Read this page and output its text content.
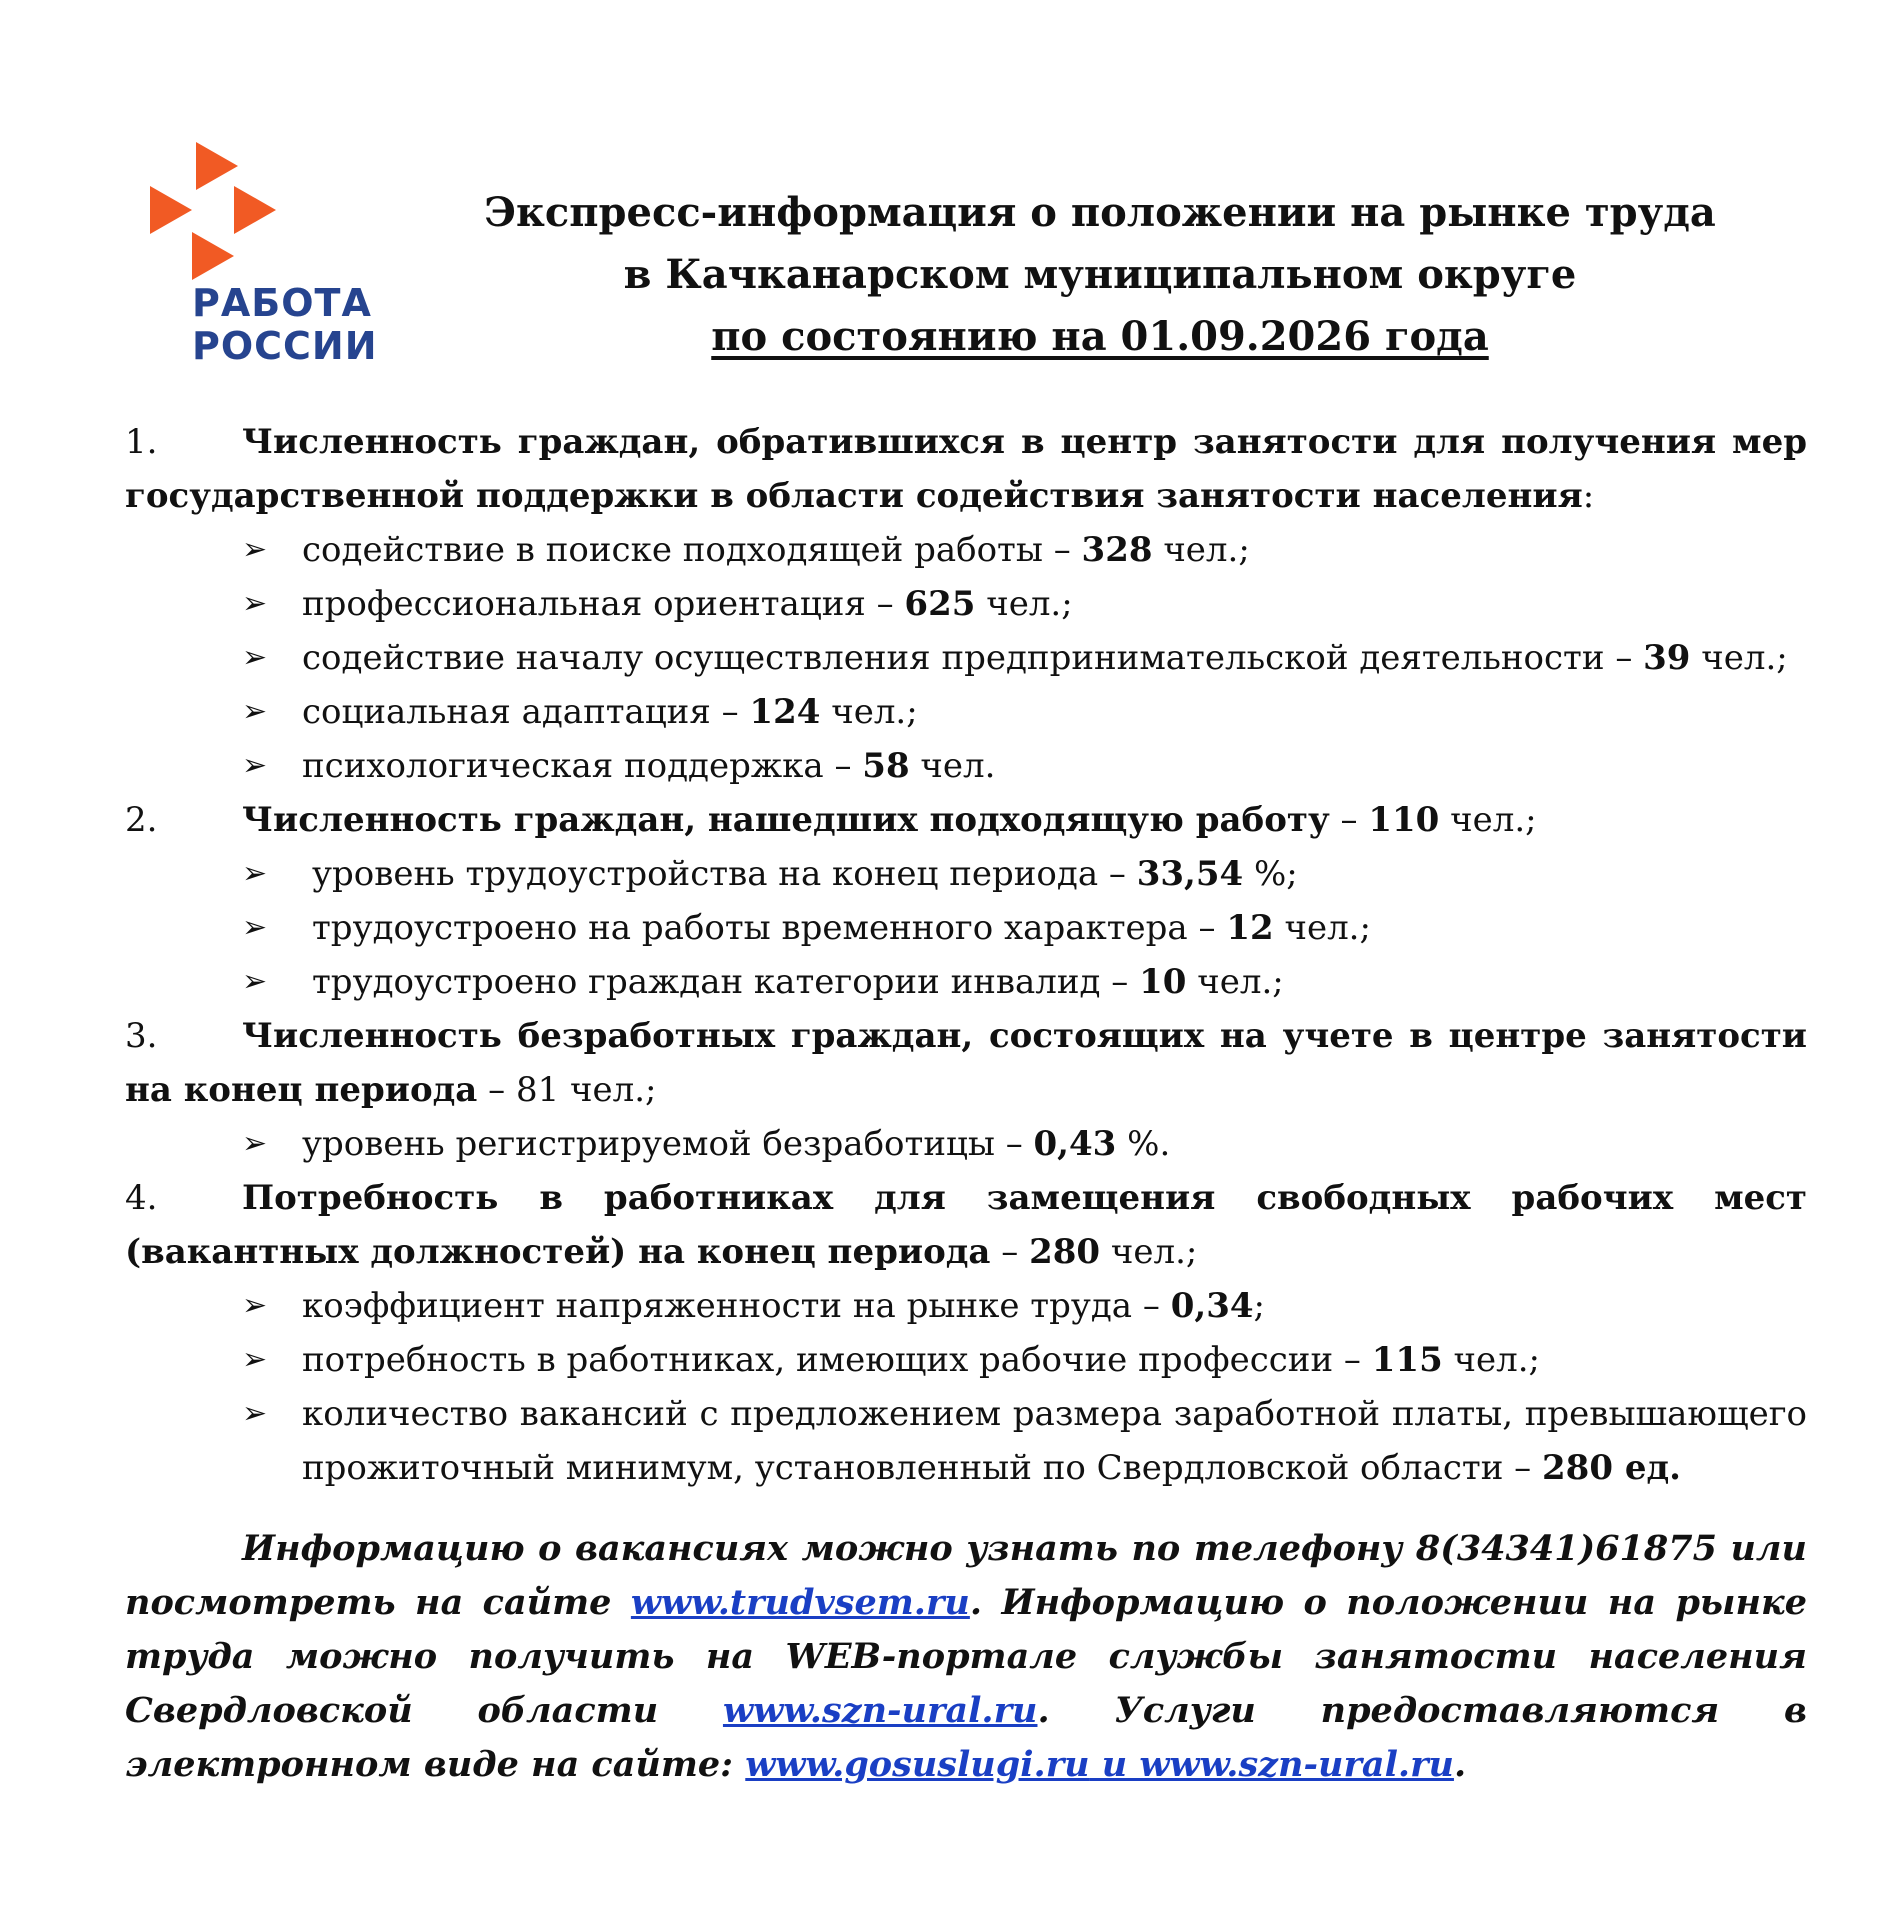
РАБОТА
РОССИИ
Экспресс-информация о положении на рынке труда
в Качканарском муниципальном округе
по состоянию на 01.09.2026 года
1. Численность граждан, обратившихся в центр занятости для получения мер государственной поддержки в области содействия занятости населения:
➢	содействие в поиске подходящей работы – 328 чел.;
➢	профессиональная ориентация – 625 чел.;
➢	содействие началу осуществления предпринимательской деятельности – 39 чел.;
➢	социальная адаптация – 124 чел.;
➢	психологическая поддержка – 58 чел.
2. Численность граждан, нашедших подходящую работу – 110 чел.;
➢	уровень трудоустройства на конец периода – 33,54 %;
➢	трудоустроено на работы временного характера – 12 чел.;
➢	трудоустроено граждан категории инвалид – 10 чел.;
3. Численность безработных граждан, состоящих на учете в центре занятости на конец периода – 81 чел.;
➢	уровень регистрируемой безработицы – 0,43 %.
4. Потребность в работниках для замещения свободных рабочих мест (вакантных должностей) на конец периода – 280 чел.;
➢	коэффициент напряженности на рынке труда – 0,34;
➢	потребность в работниках, имеющих рабочие профессии – 115 чел.;
➢	количество вакансий с предложением размера заработной платы, превышающего прожиточный минимум, установленный по Свердловской области – 280 ед.
Информацию о вакансиях можно узнать по телефону 8(34341)61875 или посмотреть на сайте www.trudvsem.ru. Информацию о положении на рынке труда можно получить на WEB-портале службы занятости населения Свердловской области www.szn-ural.ru. Услуги предоставляются в электронном виде на сайте: www.gosuslugi.ru и www.szn-ural.ru.
